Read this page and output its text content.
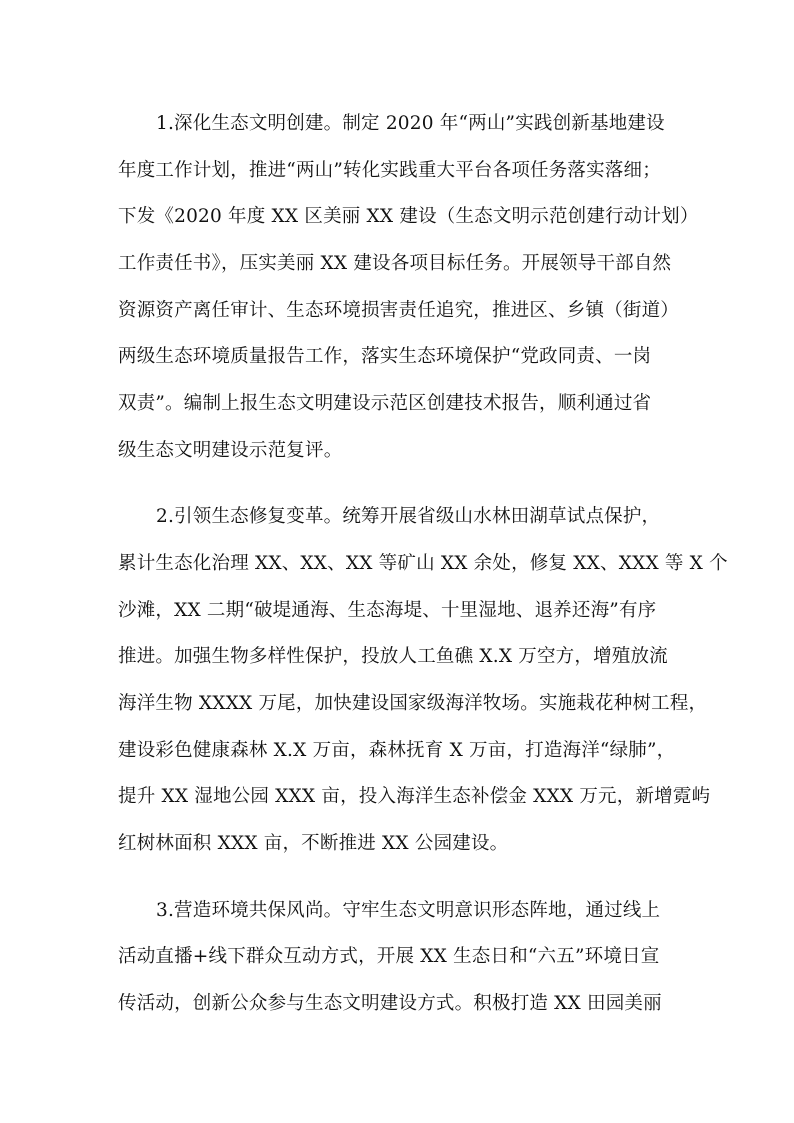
1.深化生态文明创建。制定 2020 年“两山”实践创新基地建设
年度工作计划，推进“两山”转化实践重大平台各项任务落实落细；
下发《2020 年度 XX 区美丽 XX 建设（生态文明示范创建行动计划）
工作责任书》，压实美丽 XX 建设各项目标任务。开展领导干部自然
资源资产离任审计、生态环境损害责任追究，推进区、乡镇（街道）
两级生态环境质量报告工作，落实生态环境保护“党政同责、一岗
双责”。编制上报生态文明建设示范区创建技术报告，顺利通过省
级生态文明建设示范复评。
2.引领生态修复变革。统筹开展省级山水林田湖草试点保护，
累计生态化治理 XX、XX、XX 等矿山 XX 余处，修复 XX、XXX 等 X 个
沙滩，XX 二期“破堤通海、生态海堤、十里湿地、退养还海”有序
推进。加强生物多样性保护，投放人工鱼礁 X.X 万空方，增殖放流
海洋生物 XXXX 万尾，加快建设国家级海洋牧场。实施栽花种树工程，
建设彩色健康森林 X.X 万亩，森林抚育 X 万亩，打造海洋“绿肺”，
提升 XX 湿地公园 XXX 亩，投入海洋生态补偿金 XXX 万元，新增霓屿
红树林面积 XXX 亩，不断推进 XX 公园建设。
3.营造环境共保风尚。守牢生态文明意识形态阵地，通过线上
活动直播+线下群众互动方式，开展 XX 生态日和“六五”环境日宣
传活动，创新公众参与生态文明建设方式。积极打造 XX 田园美丽
